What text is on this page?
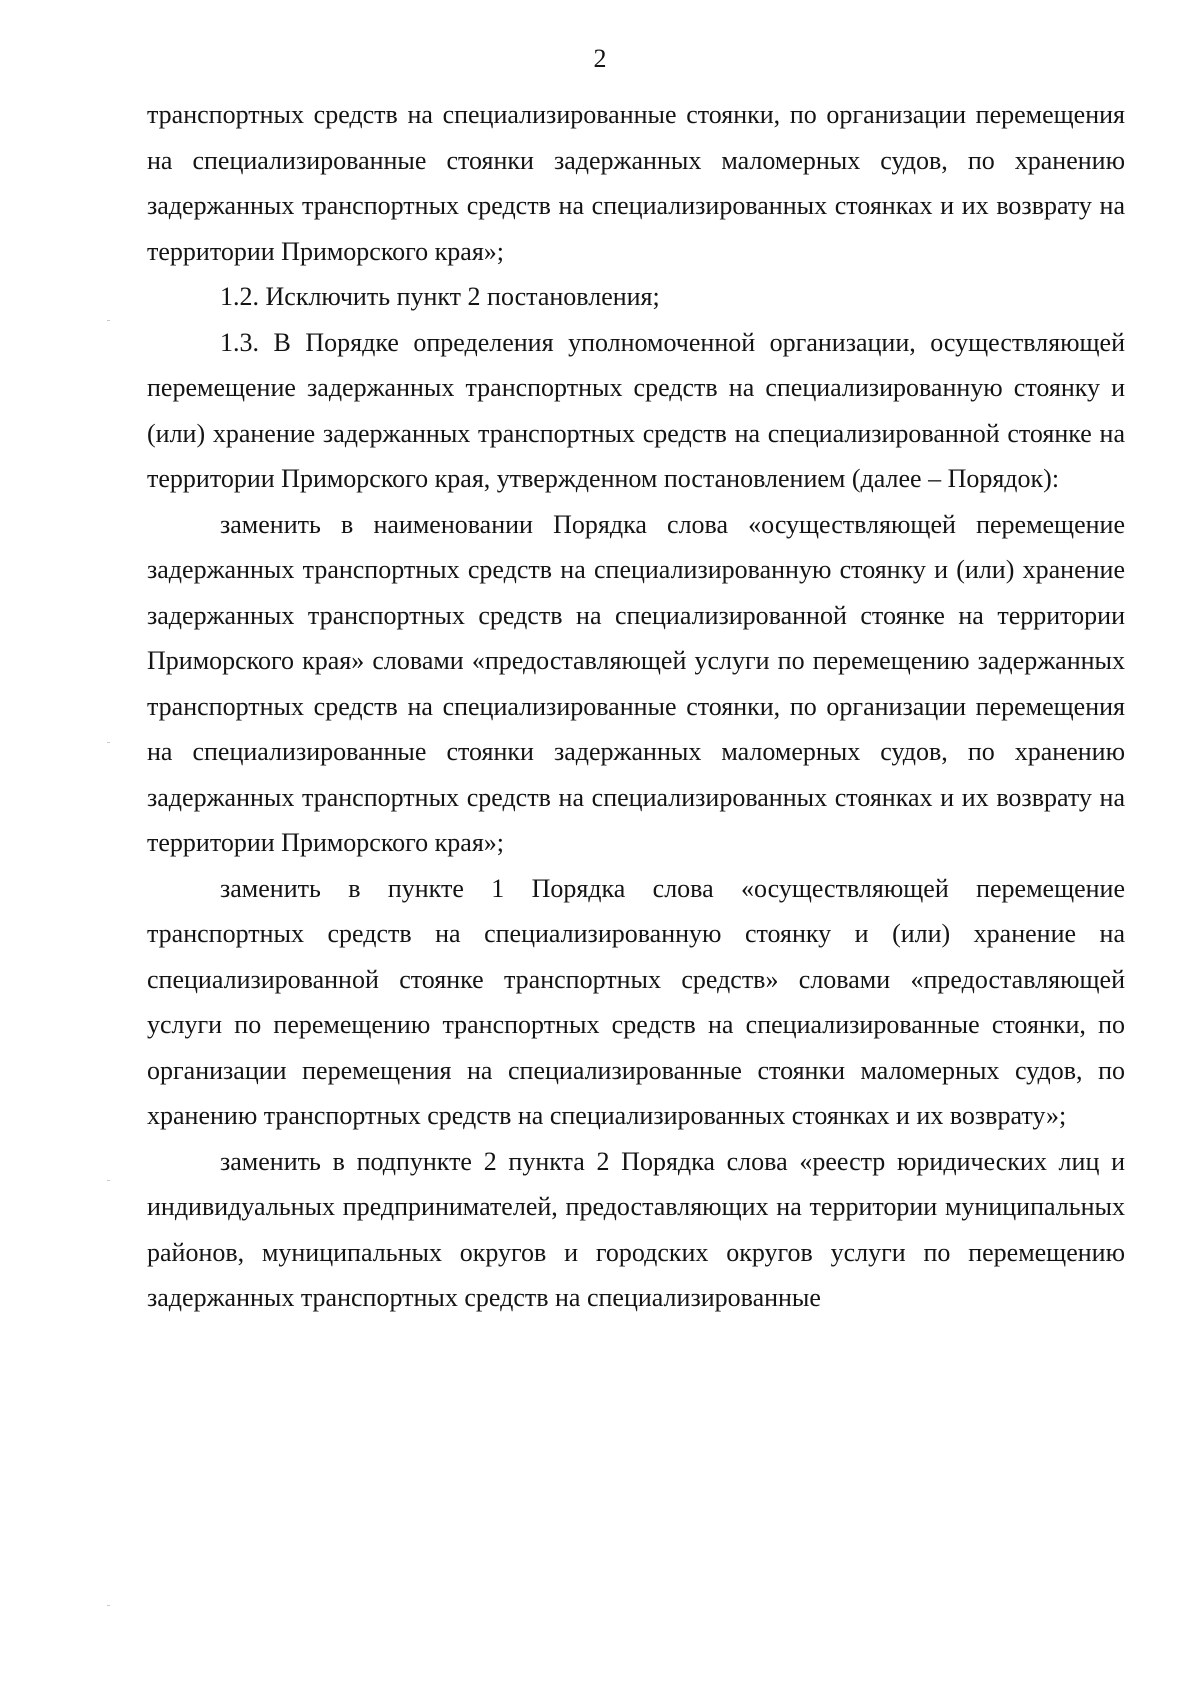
2

транспортных средств на специализированные стоянки, по организации перемещения на специализированные стоянки задержанных маломерных судов, по хранению задержанных транспортных средств на специализированных стоянках и их возврату на территории Приморского края»;

1.2. Исключить пункт 2 постановления;

1.3. В Порядке определения уполномоченной организации, осуществляющей перемещение задержанных транспортных средств на специализированную стоянку и (или) хранение задержанных транспортных средств на специализированной стоянке на территории Приморского края, утвержденном постановлением (далее – Порядок):

заменить в наименовании Порядка слова «осуществляющей перемещение задержанных транспортных средств на специализированную стоянку и (или) хранение задержанных транспортных средств на специализированной стоянке на территории Приморского края» словами «предоставляющей услуги по перемещению задержанных транспортных средств на специализированные стоянки, по организации перемещения на специализированные стоянки задержанных маломерных судов, по хранению задержанных транспортных средств на специализированных стоянках и их возврату на территории Приморского края»;

заменить в пункте 1 Порядка слова «осуществляющей перемещение транспортных средств на специализированную стоянку и (или) хранение на специализированной стоянке транспортных средств» словами «предоставляющей услуги по перемещению транспортных средств на специализированные стоянки, по организации перемещения на специализированные стоянки маломерных судов, по хранению транспортных средств на специализированных стоянках и их возврату»;

заменить в подпункте 2 пункта 2 Порядка слова «реестр юридических лиц и индивидуальных предпринимателей, предоставляющих на территории муниципальных районов, муниципальных округов и городских округов услуги по перемещению задержанных транспортных средств на специализированные
